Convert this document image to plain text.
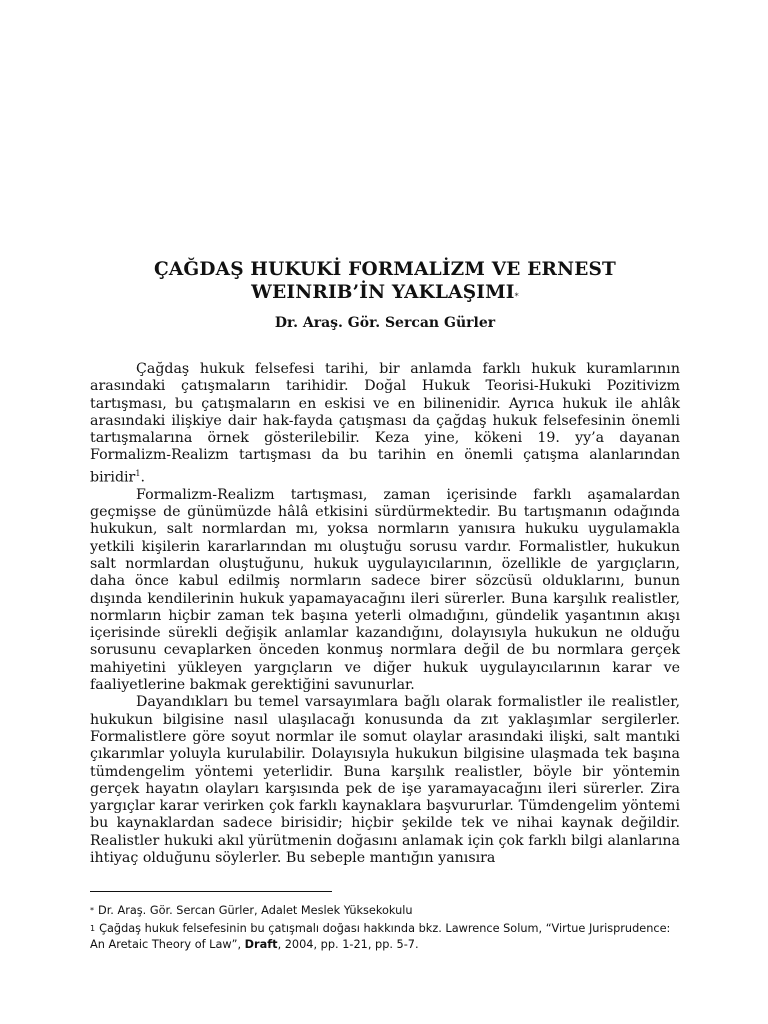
ÇAĞDAŞ HUKUKİ FORMALİZM VE ERNEST
WEINRIB’İN YAKLAŞIMI*
Dr. Araş. Gör. Sercan Gürler

Çağdaş hukuk felsefesi tarihi, bir anlamda farklı hukuk kuramlarının arasındaki çatışmaların tarihidir. Doğal Hukuk Teorisi-Hukuki Pozitivizm tartışması, bu çatışmaların en eskisi ve en bilinenidir. Ayrıca hukuk ile ahlâk arasındaki ilişkiye dair hak-fayda çatışması da çağdaş hukuk felsefesinin önemli tartışmalarına örnek gösterilebilir. Keza yine, kökeni 19. yy’a dayanan Formalizm-Realizm tartışması da bu tarihin en önemli çatışma alanlarından biridir$^1$.

Formalizm-Realizm tartışması, zaman içerisinde farklı aşamalardan geçmişse de günümüzde hâlâ etkisini sürdürmektedir. Bu tartışmanın odağında hukukun, salt normlardan mı, yoksa normların yanısıra hukuku uygulamakla yetkili kişilerin kararlarından mı oluştuğu sorusu vardır. Formalistler, hukukun salt normlardan oluştuğunu, hukuk uygulayıcılarının, özellikle de yargıçların, daha önce kabul edilmiş normların sadece birer sözcüsü olduklarını, bunun dışında kendilerinin hukuk yapamayacağını ileri sürerler. Buna karşılık realistler, normların hiçbir zaman tek başına yeterli olmadığını, gündelik yaşantının akışı içerisinde sürekli değişik anlamlar kazandığını, dolayısıyla hukukun ne olduğu sorusunu cevaplarken önceden konmuş normlara değil de bu normlara gerçek mahiyetini yükleyen yargıçların ve diğer hukuk uygulayıcılarının karar ve faaliyetlerine bakmak gerektiğini savunurlar.

Dayandıkları bu temel varsayımlara bağlı olarak formalistler ile realistler, hukukun bilgisine nasıl ulaşılacağı konusunda da zıt yaklaşımlar sergilerler. Formalistlere göre soyut normlar ile somut olaylar arasındaki ilişki, salt mantıki çıkarımlar yoluyla kurulabilir. Dolayısıyla hukukun bilgisine ulaşmada tek başına tümdengelim yöntemi yeterlidir. Buna karşılık realistler, böyle bir yöntemin gerçek hayatın olayları karşısında pek de işe yaramayacağını ileri sürerler. Zira yargıçlar karar verirken çok farklı kaynaklara başvururlar. Tümdengelim yöntemi bu kaynaklardan sadece birisidir; hiçbir şekilde tek ve nihai kaynak değildir. Realistler hukuki akıl yürütmenin doğasını anlamak için çok farklı bilgi alanlarına ihtiyaç olduğunu söylerler. Bu sebeple mantığın yanısıra

* Dr. Araş. Gör. Sercan Gürler, Adalet Meslek Yüksekokulu
$^1$ Çağdaş hukuk felsefesinin bu çatışmalı doğası hakkında bkz. Lawrence Solum, “Virtue Jurisprudence: An Aretaic Theory of Law”, Draft, 2004, pp. 1-21, pp. 5-7.
